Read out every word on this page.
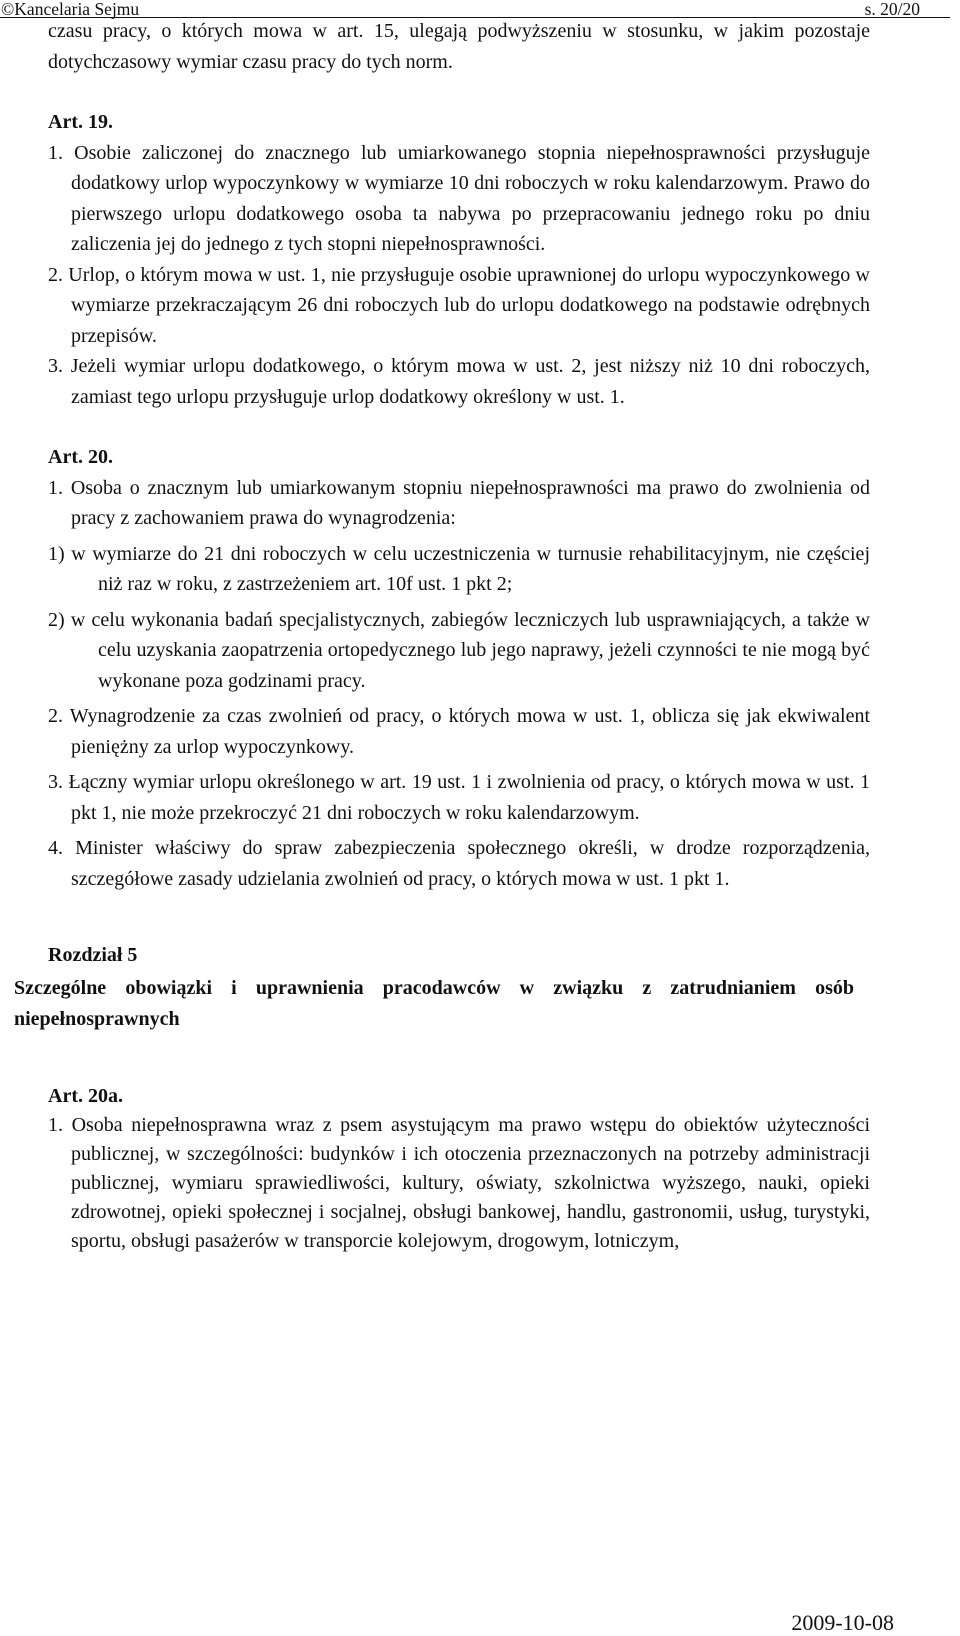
©Kancelaria Sejmu	s. 20/20

czasu pracy, o których mowa w art. 15, ulegają podwyższeniu w stosunku, w jakim pozostaje dotychczasowy wymiar czasu pracy do tych norm.

Art. 19.

1. Osobie zaliczonej do znacznego lub umiarkowanego stopnia niepełnosprawności przysługuje dodatkowy urlop wypoczynkowy w wymiarze 10 dni roboczych w roku kalendarzowym. Prawo do pierwszego urlopu dodatkowego osoba ta nabywa po przepracowaniu jednego roku po dniu zaliczenia jej do jednego z tych stopni niepełnosprawności.

2. Urlop, o którym mowa w ust. 1, nie przysługuje osobie uprawnionej do urlopu wypoczynkowego w wymiarze przekraczającym 26 dni roboczych lub do urlopu dodatkowego na podstawie odrębnych przepisów.

3. Jeżeli wymiar urlopu dodatkowego, o którym mowa w ust. 2, jest niższy niż 10 dni roboczych, zamiast tego urlopu przysługuje urlop dodatkowy określony w ust. 1.

Art. 20.

1. Osoba o znacznym lub umiarkowanym stopniu niepełnosprawności ma prawo do zwolnienia od pracy z zachowaniem prawa do wynagrodzenia:

1) w wymiarze do 21 dni roboczych w celu uczestniczenia w turnusie rehabilitacyjnym, nie częściej niż raz w roku, z zastrzeżeniem art. 10f ust. 1 pkt 2;

2) w celu wykonania badań specjalistycznych, zabiegów leczniczych lub usprawniających, a także w celu uzyskania zaopatrzenia ortopedycznego lub jego naprawy, jeżeli czynności te nie mogą być wykonane poza godzinami pracy.

2. Wynagrodzenie za czas zwolnień od pracy, o których mowa w ust. 1, oblicza się jak ekwiwalent pieniężny za urlop wypoczynkowy.

3. Łączny wymiar urlopu określonego w art. 19 ust. 1 i zwolnienia od pracy, o których mowa w ust. 1 pkt 1, nie może przekroczyć 21 dni roboczych w roku kalendarzowym.

4. Minister właściwy do spraw zabezpieczenia społecznego określi, w drodze rozporządzenia, szczegółowe zasady udzielania zwolnień od pracy, o których mowa w ust. 1 pkt 1.

Rozdział 5

Szczególne obowiązki i uprawnienia pracodawców w związku z zatrudnianiem osób niepełnosprawnych

Art. 20a.

1. Osoba niepełnosprawna wraz z psem asystującym ma prawo wstępu do obiektów użyteczności publicznej, w szczególności: budynków i ich otoczenia przeznaczonych na potrzeby administracji publicznej, wymiaru sprawiedliwości, kultury, oświaty, szkolnictwa wyższego, nauki, opieki zdrowotnej, opieki społecznej i socjalnej, obsługi bankowej, handlu, gastronomii, usług, turystyki, sportu, obsługi pasażerów w transporcie kolejowym, drogowym, lotniczym,

2009-10-08
